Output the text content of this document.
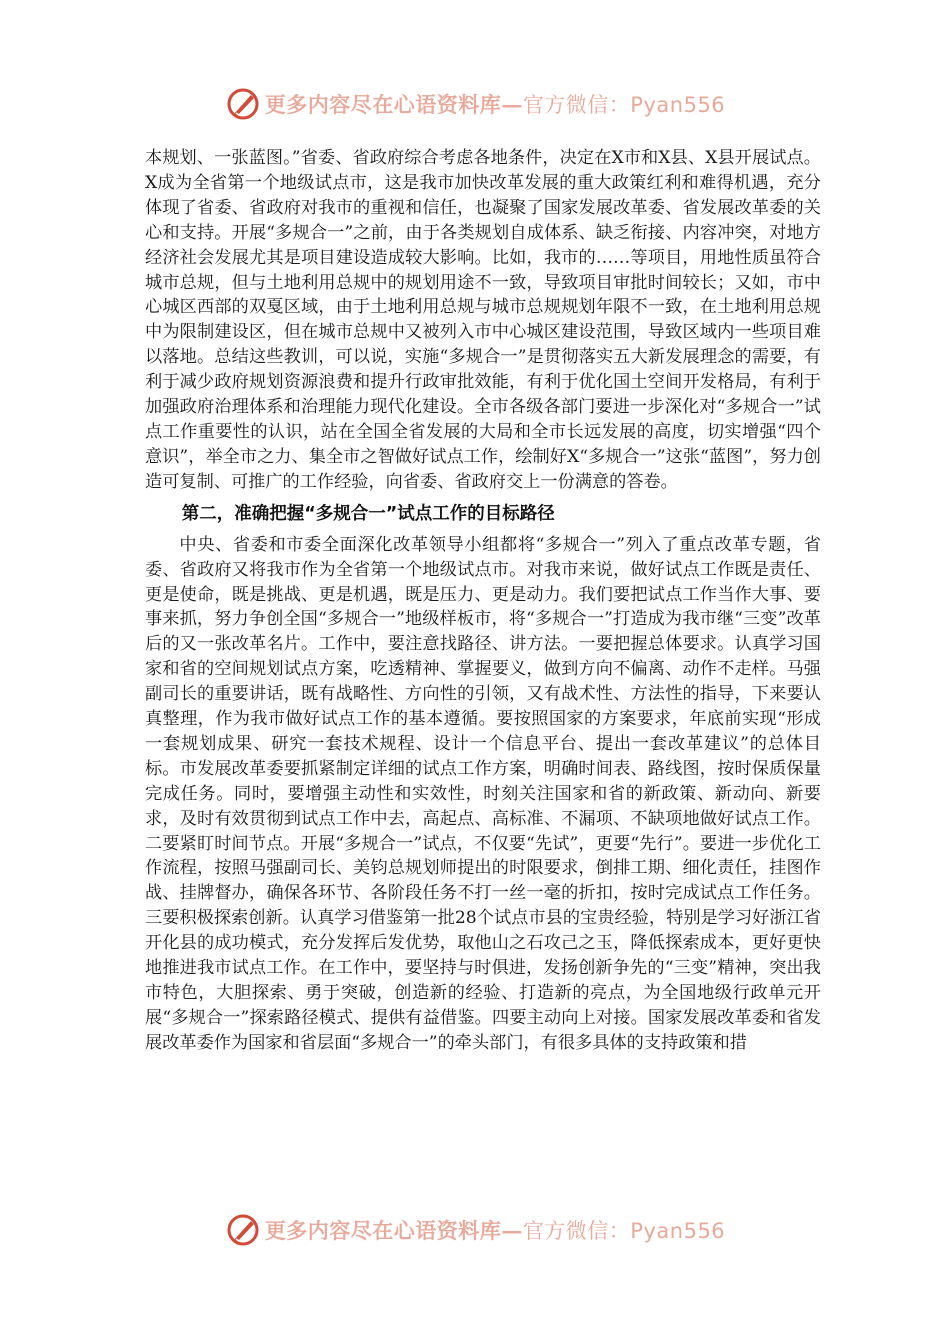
更多内容尽在心语资料库—官方微信：Pyan556

本规划、一张蓝图。”省委、省政府综合考虑各地条件，决定在X市和X县、X县开展试点。X成为全省第一个地级试点市，这是我市加快改革发展的重大政策红利和难得机遇，充分体现了省委、省政府对我市的重视和信任，也凝聚了国家发展改革委、省发展改革委的关心和支持。开展“多规合一”之前，由于各类规划自成体系、缺乏衔接、内容冲突，对地方经济社会发展尤其是项目建设造成较大影响。比如，我市的……等项目，用地性质虽符合城市总规，但与土地利用总规中的规划用途不一致，导致项目审批时间较长；又如，市中心城区西部的双戛区域，由于土地利用总规与城市总规规划年限不一致，在土地利用总规中为限制建设区，但在城市总规中又被列入市中心城区建设范围，导致区域内一些项目难以落地。总结这些教训，可以说，实施“多规合一”是贯彻落实五大新发展理念的需要，有利于减少政府规划资源浪费和提升行政审批效能，有利于优化国土空间开发格局，有利于加强政府治理体系和治理能力现代化建设。全市各级各部门要进一步深化对“多规合一”试点工作重要性的认识，站在全国全省发展的大局和全市长远发展的高度，切实增强“四个意识”，举全市之力、集全市之智做好试点工作，绘制好X“多规合一”这张“蓝图”，努力创造可复制、可推广的工作经验，向省委、省政府交上一份满意的答卷。

第二，准确把握“多规合一”试点工作的目标路径

中央、省委和市委全面深化改革领导小组都将“多规合一”列入了重点改革专题，省委、省政府又将我市作为全省第一个地级试点市。对我市来说，做好试点工作既是责任、更是使命，既是挑战、更是机遇，既是压力、更是动力。我们要把试点工作当作大事、要事来抓，努力争创全国“多规合一”地级样板市，将“多规合一”打造成为我市继“三变”改革后的又一张改革名片。工作中，要注意找路径、讲方法。一要把握总体要求。认真学习国家和省的空间规划试点方案，吃透精神、掌握要义，做到方向不偏离、动作不走样。马强副司长的重要讲话，既有战略性、方向性的引领，又有战术性、方法性的指导，下来要认真整理，作为我市做好试点工作的基本遵循。要按照国家的方案要求，年底前实现“形成一套规划成果、研究一套技术规程、设计一个信息平台、提出一套改革建议”的总体目标。市发展改革委要抓紧制定详细的试点工作方案，明确时间表、路线图，按时保质保量完成任务。同时，要增强主动性和实效性，时刻关注国家和省的新政策、新动向、新要求，及时有效贯彻到试点工作中去，高起点、高标准、不漏项、不缺项地做好试点工作。二要紧盯时间节点。开展“多规合一”试点，不仅要“先试”，更要“先行”。要进一步优化工作流程，按照马强副司长、美钧总规划师提出的时限要求，倒排工期、细化责任，挂图作战、挂牌督办，确保各环节、各阶段任务不打一丝一毫的折扣，按时完成试点工作任务。三要积极探索创新。认真学习借鉴第一批28个试点市县的宝贵经验，特别是学习好浙江省开化县的成功模式，充分发挥后发优势，取他山之石攻己之玉，降低探索成本，更好更快地推进我市试点工作。在工作中，要坚持与时俱进，发扬创新争先的“三变”精神，突出我市特色，大胆探索、勇于突破，创造新的经验、打造新的亮点，为全国地级行政单元开展“多规合一”探索路径模式、提供有益借鉴。四要主动向上对接。国家发展改革委和省发展改革委作为国家和省层面“多规合一”的牵头部门，有很多具体的支持政策和措

更多内容尽在心语资料库—官方微信：Pyan556
